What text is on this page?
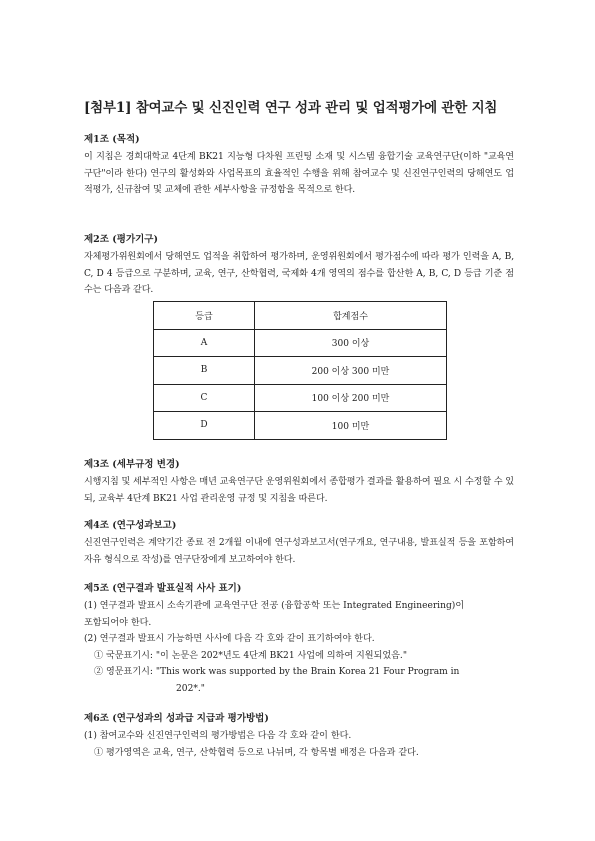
[첨부1] 참여교수 및 신진인력 연구 성과 관리 및 업적평가에 관한 지침
제1조 (목적)
이 지침은 경희대학교 4단계 BK21 지능형 다차원 프린팅 소재 및 시스템 융합기술 교육연구단(이하 "교육연구단"이라 한다) 연구의 활성화와 사업목표의 효율적인 수행을 위해 참여교수 및 신진연구인력의 당해연도 업적평가, 신규참여 및 교체에 관한 세부사항을 규정함을 목적으로 한다.
제2조 (평가기구)
자체평가위원회에서 당해연도 업적을 취합하여 평가하며, 운영위원회에서 평가점수에 따라 평가 인력을 A, B, C, D 4 등급으로 구분하며, 교육, 연구, 산학협력, 국제화 4개 영역의 점수를 합산한 A, B, C, D 등급 기준 점수는 다음과 같다.
등급	합계점수
A	300 이상
B	200 이상 300 미만
C	100 이상 200 미만
D	100 미만
제3조 (세부규정 변경)
시행지침 및 세부적인 사항은 매년 교육연구단 운영위원회에서 종합평가 결과를 활용하여 필요 시 수정할 수 있되, 교육부 4단계 BK21 사업 관리운영 규정 및 지침을 따른다.
제4조 (연구성과보고)
신진연구인력은 계약기간 종료 전 2개월 이내에 연구성과보고서(연구개요, 연구내용, 발표실적 등을 포함하여 자유 형식으로 작성)를 연구단장에게 보고하여야 한다.
제5조 (연구결과 발표실적 사사 표기)
(1) 연구결과 발표시 소속기관에 교육연구단 전공 (융합공학 또는 Integrated Engineering)이
포함되어야 한다.
(2) 연구결과 발표시 가능하면 사사에 다음 각 호와 같이 표기하여야 한다.
① 국문표기시: "이 논문은 202*년도 4단계 BK21 사업에 의하여 지원되었음."
② 영문표기시: "This work was supported by the Brain Korea 21 Four Program in
202*."
제6조 (연구성과의 성과급 지급과 평가방법)
(1) 참여교수와 신진연구인력의 평가방법은 다음 각 호와 같이 한다.
① 평가영역은 교육, 연구, 산학협력 등으로 나뉘며, 각 항목별 배정은 다음과 같다.
